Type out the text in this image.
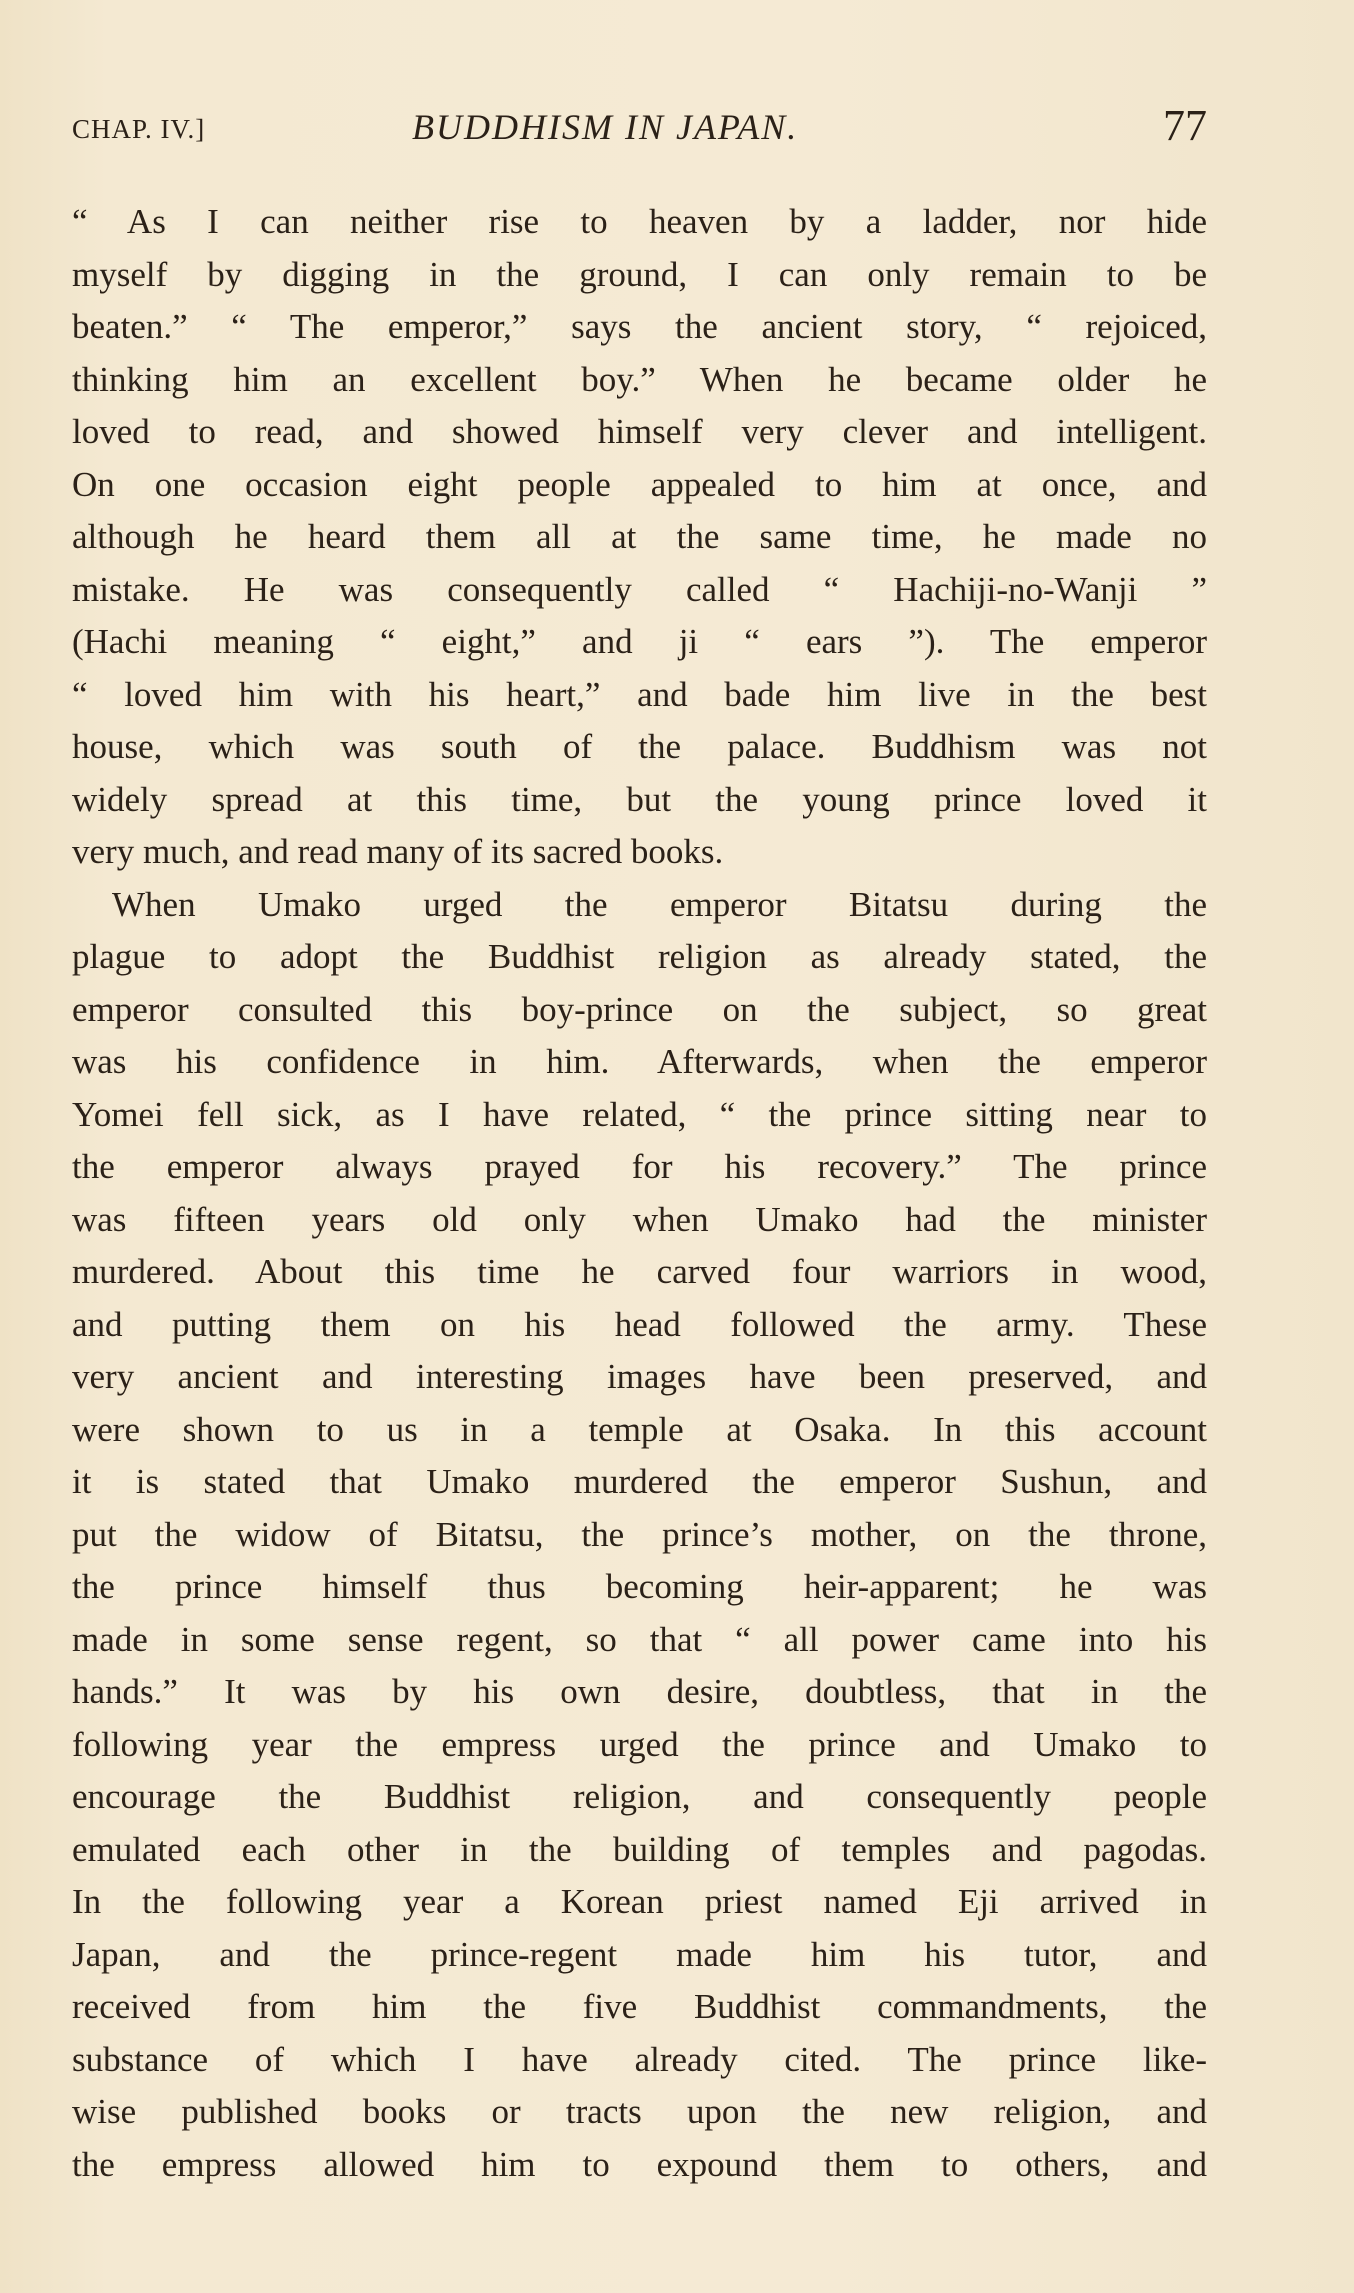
CHAP. IV.]	BUDDHISM IN JAPAN.	77
“ As I can neither rise to heaven by a ladder, nor hide
myself by digging in the ground, I can only remain to be
beaten.” “ The emperor,” says the ancient story, “ rejoiced,
thinking him an excellent boy.” When he became older he
loved to read, and showed himself very clever and intelligent.
On one occasion eight people appealed to him at once, and
although he heard them all at the same time, he made no
mistake. He was consequently called “ Hachiji-no-Wanji ”
(Hachi meaning “ eight,” and ji “ ears ”). The emperor
“ loved him with his heart,” and bade him live in the best
house, which was south of the palace. Buddhism was not
widely spread at this time, but the young prince loved it
very much, and read many of its sacred books.
When Umako urged the emperor Bitatsu during the
plague to adopt the Buddhist religion as already stated, the
emperor consulted this boy-prince on the subject, so great
was his confidence in him. Afterwards, when the emperor
Yomei fell sick, as I have related, “ the prince sitting near to
the emperor always prayed for his recovery.” The prince
was fifteen years old only when Umako had the minister
murdered. About this time he carved four warriors in wood,
and putting them on his head followed the army. These
very ancient and interesting images have been preserved, and
were shown to us in a temple at Osaka. In this account
it is stated that Umako murdered the emperor Sushun, and
put the widow of Bitatsu, the prince’s mother, on the throne,
the prince himself thus becoming heir-apparent; he was
made in some sense regent, so that “ all power came into his
hands.” It was by his own desire, doubtless, that in the
following year the empress urged the prince and Umako to
encourage the Buddhist religion, and consequently people
emulated each other in the building of temples and pagodas.
In the following year a Korean priest named Eji arrived in
Japan, and the prince-regent made him his tutor, and
received from him the five Buddhist commandments, the
substance of which I have already cited. The prince like-
wise published books or tracts upon the new religion, and
the empress allowed him to expound them to others, and
